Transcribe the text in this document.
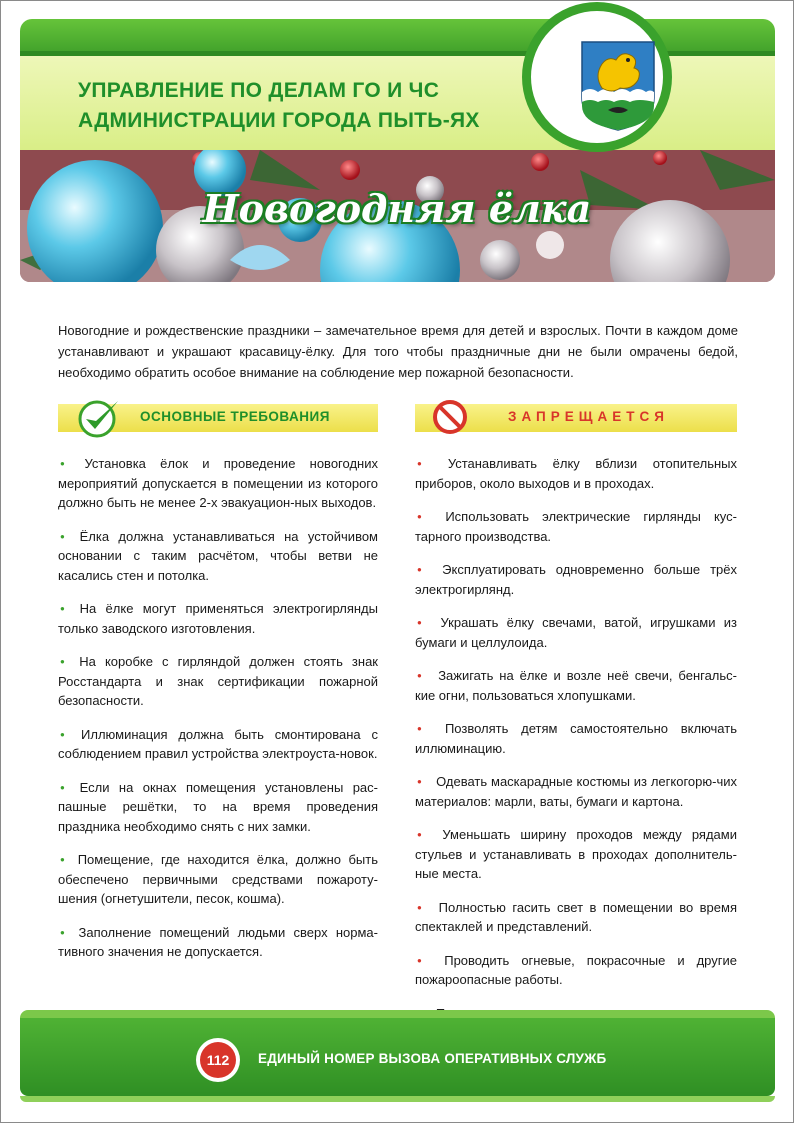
УПРАВЛЕНИЕ ПО ДЕЛАМ ГО И ЧС
АДМИНИСТРАЦИИ ГОРОДА ПЫТЬ-ЯХ
Новогодняя ёлка

Новогодние и рождественские праздники – замечательное время для детей и взрослых. Почти в каждом доме устанавливают и украшают красавицу-ёлку. Для того чтобы праздничные дни не были омрачены бедой, необходимо обратить особое внимание на соблюдение мер пожарной безопасности.

ОСНОВНЫЕ ТРЕБОВАНИЯ	ЗАПРЕЩАЕТСЯ

● Установка ёлок и проведение новогодних мероприятий допускается в помещении из которого должно быть не менее 2-х эвакуацион-ных выходов.
● Ёлка должна устанавливаться на устойчивом основании с таким расчётом, чтобы ветви не касались стен и потолка.
● На ёлке могут применяться электрогирлянды только заводского изготовления.
● На коробке с гирляндой должен стоять знак Росстандарта и знак сертификации пожарной безопасности.
● Иллюминация должна быть смонтирована с соблюдением правил устройства электроуста-новок.
● Если на окнах помещения установлены рас-пашные решётки, то на время проведения праздника необходимо снять с них замки.
● Помещение, где находится ёлка, должно быть обеспечено первичными средствами пожароту-шения (огнетушители, песок, кошма).
● Заполнение помещений людьми сверх норма-тивного значения не допускается.
● Устанавливать ёлку вблизи отопительных приборов, около выходов и в проходах.
● Использовать электрические гирлянды кус-тарного производства.
● Эксплуатировать одновременно больше трёх электрогирлянд.
● Украшать ёлку свечами, ватой, игрушками из бумаги и целлулоида.
● Зажигать на ёлке и возле неё свечи, бенгальс-кие огни, пользоваться хлопушками.
● Позволять детям самостоятельно включать иллюминацию.
● Одевать маскарадные костюмы из легкогорю-чих материалов: марли, ваты, бумаги и картона.
● Уменьшать ширину проходов между рядами стульев и устанавливать в проходах дополнитель-ные места.
● Полностью гасить свет в помещении во время спектаклей и представлений.
● Проводить огневые, покрасочные и другие пожароопасные работы.
●
112	ЕДИНЫЙ НОМЕР ВЫЗОВА ОПЕРАТИВНЫХ СЛУЖБ
